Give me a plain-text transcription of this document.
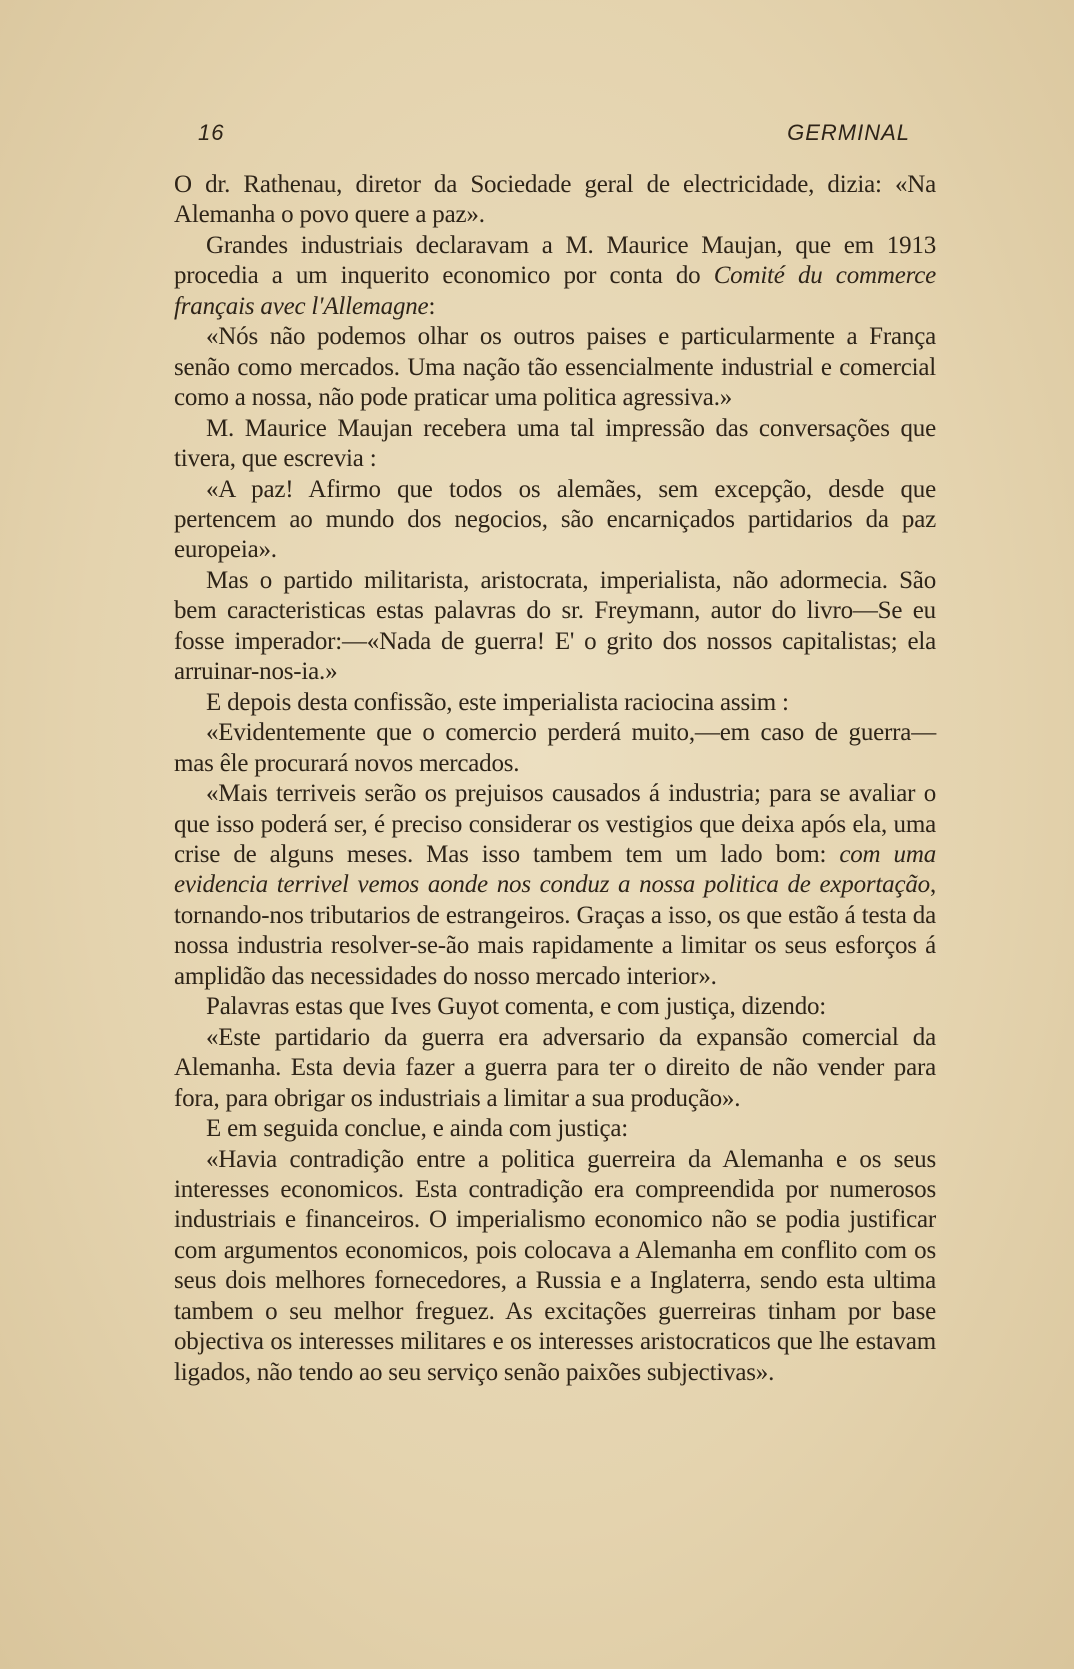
16	GERMINAL

O dr. Rathenau, diretor da Sociedade geral de electricidade, dizia: «Na Alemanha o povo quere a paz».

Grandes industriais declaravam a M. Maurice Maujan, que em 1913 procedia a um inquerito economico por conta do Comité du commerce français avec l'Allemagne:

«Nós não podemos olhar os outros paises e particularmente a França senão como mercados. Uma nação tão essencialmente industrial e comercial como a nossa, não pode praticar uma politica agressiva.»

M. Maurice Maujan recebera uma tal impressão das conversações que tivera, que escrevia :

«A paz! Afirmo que todos os alemães, sem excepção, desde que pertencem ao mundo dos negocios, são encarniçados partidarios da paz europeia».

Mas o partido militarista, aristocrata, imperialista, não adormecia. São bem caracteristicas estas palavras do sr. Freymann, autor do livro—Se eu fosse imperador:—«Nada de guerra! E' o grito dos nossos capitalistas; ela arruinar-nos-ia.»

E depois desta confissão, este imperialista raciocina assim :

«Evidentemente que o comercio perderá muito,—em caso de guerra—mas êle procurará novos mercados.

«Mais terriveis serão os prejuisos causados á industria; para se avaliar o que isso poderá ser, é preciso considerar os vestigios que deixa após ela, uma crise de alguns meses. Mas isso tambem tem um lado bom: com uma evidencia terrivel vemos aonde nos conduz a nossa politica de exportação, tornando-nos tributarios de estrangeiros. Graças a isso, os que estão á testa da nossa industria resolver-se-ão mais rapidamente a limitar os seus esforços á amplidão das necessidades do nosso mercado interior».

Palavras estas que Ives Guyot comenta, e com justiça, dizendo:

«Este partidario da guerra era adversario da expansão comercial da Alemanha. Esta devia fazer a guerra para ter o direito de não vender para fora, para obrigar os industriais a limitar a sua produção».

E em seguida conclue, e ainda com justiça:

«Havia contradição entre a politica guerreira da Alemanha e os seus interesses economicos. Esta contradição era compreendida por numerosos industriais e financeiros. O imperialismo economico não se podia justificar com argumentos economicos, pois colocava a Alemanha em conflito com os seus dois melhores fornecedores, a Russia e a Inglaterra, sendo esta ultima tambem o seu melhor freguez. As excitações guerreiras tinham por base objectiva os interesses militares e os interesses aristocraticos que lhe estavam ligados, não tendo ao seu serviço senão paixões subjectivas».
